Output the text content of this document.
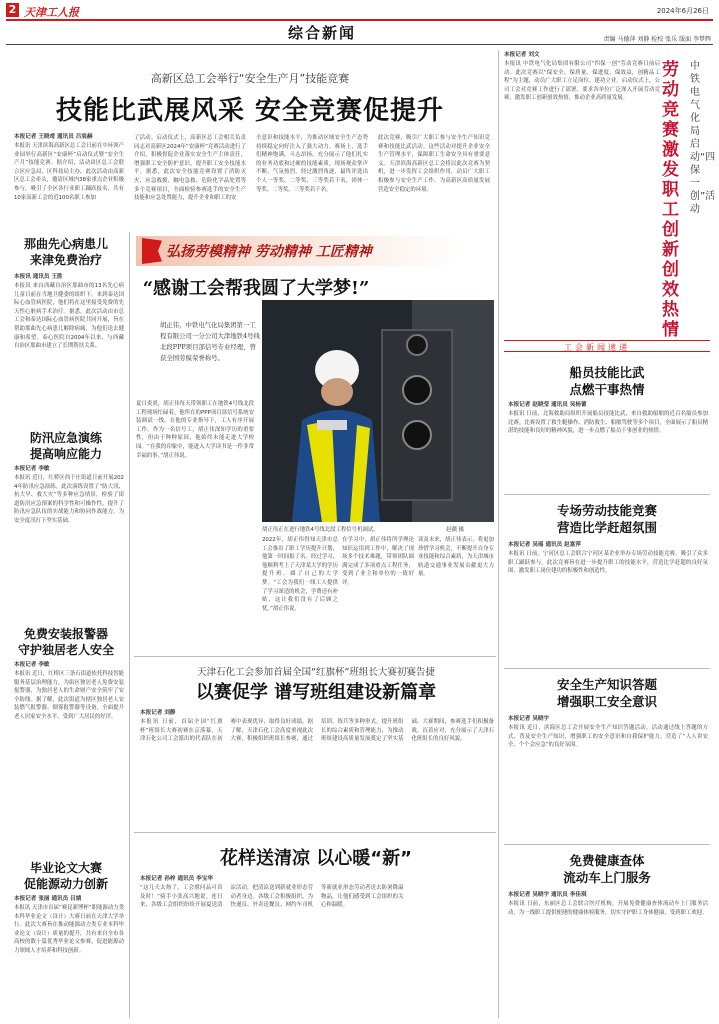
2 天津工人报	2024年6月26日
综合新闻	责编 马德萍 刘静 检校 张乐 版面 李梦辉
高新区总工会举行“安全生产月”技能竞赛
技能比武展风采 安全竞赛促提升
本报记者 王晓鸢 通讯员 吕宸赫
本报讯 天津滨海高新区总工会日前在中环领产业园举行高新区“安康杯”启动仪式暨“安全生产月”技能竞赛。据介绍，活动由区总工会联合区应急局、区科技局主办，此次活动由高新区总工会牵头，邀请区域内38家重点企业积极参与，吸引了全区各行业职工踊跃报名，共有10家高新工会的近100名职工参加
了活动。启动仪式上，高新区总工会相关负责同志对高新区2024年“安康杯”竞赛活动进行了介绍，积极督促企业落实安全生产主体责任，增强职工安全防护意识，提升职工安全技能水平。据悉，此次安全技能竞赛设置了消防灭火、应急救援、触电急救、危险化学品处置等多个竞赛项目，全面检验参赛选手的安全生产技能和应急处置能力，提升企业和职工的安
全意识和技能水平，为推动区域安全生产态势持续稳定向好注入了强大动力。赛场上，选手们精神饱满、斗志昂扬，充分展示了他们扎实的业务功底和过硬的技能素质。现场观众掌声不断，气氛热烈。经过激烈角逐，最终评选出个人一等奖、二等奖、三等奖若干名，团体一等奖、二等奖、三等奖若干名。
此次竞赛，吸引广大职工参与安全生产知识竞赛和技能比武活动。这些活动对提升企业安全生产管理水平，保障职工生命安全具有重要意义。天津滨海高新区总工会将以此次竞赛为契机，进一步发挥工会组织作用，动员广大职工积极参与安全生产工作，为高新区高质量发展营造安全稳定的环境。
那曲先心病患儿
来津免费治疗
本报讯 通讯员 王胜
本报讯 来自西藏自治区那曲市的13名先心病儿童日前在当地卫健委的组织下，来到泰达国际心血管病医院，他们将在这里接受免费的先天性心脏病手术治疗。据悉，此次活动由市总工会和泰达国际心血管病医院共同开展，旨在帮助那曲先心病患儿解除病痛，为他们送去健康和希望。泰心医院自2004年以来，与西藏自治区那曲市建立了长期帮扶关系。
防汛应急演练
提高响应能力
本报记者 李敏
本报讯 近日，红桥区西于庄街道日前开展2024年防汛应急演练。此次演练设置了“防大汛、抗大旱、救大灾”等多种应急情景，检验了街道防汛应急预案的科学性和可操作性，提升了防汛应急队伍的实战能力和协同作战能力，为安全度汛打下坚实基础。
免费安装报警器
守护独居老人安全
本报记者 李敏
本报讯 近日，红桥区三条石街道依托科技智能服务基层治理能力，为街区独居老人免费安装报警器，为独居老人的生命财产安全筑牢了安全防线。据了解，此次街道为辖区独居老人安装燃气报警器、烟雾报警器等设备，全面提升老人居家安全水平，受到广大居民的好评。
毕业论文大赛
促能源动力创新
本报记者 张丽 通讯员 吕婧
本报讯 天津市首届“赛昆新博杯”职能源动力类本科毕业论文（设计）大赛日前在天津大学举行。此次大赛旨在推动能源动力类专业本科毕业论文（设计）质量的提升，共有来自全市各高校的数十篇优秀毕业论文参赛，促进能源动力领域人才培养和科技创新。
弘扬劳模精神 劳动精神 工匠精神
“感谢工会帮我圆了大学梦!”
胡正伟，中铁电气化局集团第一工程有限公司一分公司大津地铁4号线北段PPP项目部信号专业经理，曾获全国劳模荣誉称号。
夏日炎炎，胡正伟每天带领职工在地铁4号线北段工程现场忙碌着。他所在的PPP项目部信号系统安装调试一线，在他的专业指导下，工人有序开展工作。作为一名信号工，胡正伟深知学历的重要性，但由于种种原因，他始终未能走进大学校园。“在我的印象中，能进入大学读书是一件非常幸福的事。”胡正伟说。
胡正伟正在进行地铁4号线北段工程信号机调试。	赵疆 摄
2022年，胡正伟得知天津市总工会推出了职工学历提升计划，他第一时间报了名。经过学习，他顺利考上了天津某大学的学历提升班，圆了自己的大学梦。“工会为我们一线工人提供了学习深造的机会，学费还有补贴，这让我们没有了后顾之忧。”胡正伟说。
在学习中，胡正伟将所学理论知识运用到工作中，解决了现场多个技术难题，带领团队圆满完成了多项重点工程任务，受到了业主和单位的一致好评。
谈及未来，胡正伟表示，将更加珍惜学习机会，不断提升自身专业技能和综合素质，为天津城市轨道交通事业发展贡献更大力量。
天津石化工会参加首届全国“红旗杯”班组长大赛初赛告捷
以赛促学 谱写班组建设新篇章
本报记者 刘静
本报讯 日前，首届全国“红旗杯”班组长大赛初赛在京落幕。天津石化公司工会派出的代表队在初赛中表现优异，取得良好成绩。据了解，天津石化工会高度重视此次大赛，积极组织班组长参赛，通过培训、练兵等多种形式，提升班组长的综合素质和管理能力，为推动班组建设高质量发展奠定了坚实基础。大赛期间，参赛选手们积极备战、沉着应对，充分展示了天津石化班组长的良好风貌。
花样送清凉 以心暖“新”
本报记者 孙梓 通讯员 李宝华
“这几天太热了，工会慰问品可真及时！”骑手小张高兴地说。连日来，各级工会组织纷纷开展夏送清凉活动，把清凉送到新就业形态劳动者身边。各级工会积极组织，为快递员、外卖送餐员、网约车司机等新就业形态劳动者送去防暑降温物品，让他们感受到工会组织的关心和温暖。
本报记者 刘文
本报讯 中铁电气化局集团有限公司“四保一创”劳动竞赛日前启动。此次竞赛以“保安全、保质量、保进度、保效益，创精品工程”为主题，动员广大职工立足岗位、建功立业。启动仪式上，公司工会对竞赛工作进行了部署，要求各单位广泛深入开展劳动竞赛，激发职工创新创效热情，推动企业高质量发展。
劳动竞赛激发职工创新创效热情
中铁电气化局启动“四保一创”活动
工会新闻速递
船员技能比武
点燃干事热情
本报记者 赵晓莹 通讯员 吴杨蕾
本报讯 日前，北海救助局组织开展船员技能比武，来自救助船舶的近百名船员参加比赛。比赛设置了救生艇操作、消防救生、船舶驾驶等多个项目，全面展示了船员精湛的技能和良好的精神风貌，进一步点燃了船员干事创业的热情。
专场劳动技能竞赛
营造比学赶超氛围
本报记者 吴瑶 通讯员 赵富萍
本报讯 日前，宁河区总工会联合宁河区某企业举办专场劳动技能竞赛，吸引了众多职工踊跃参与。此次竞赛旨在进一步提升职工的技能水平，营造比学赶超的良好氛围，激发职工岗位建功的积极性和创造性。
安全生产知识答题
增强职工安全意识
本报记者 吴晓宇
本报讯 近日，滨海区总工会开展安全生产知识答题活动。活动通过线上答题的方式，普及安全生产知识，增强职工的安全意识和自我保护能力，营造了“人人讲安全、个个会应急”的良好氛围。
免费健康查体
流动车上门服务
本报记者 吴晓宇 通讯员 李佳琪
本报讯 日前，东丽区总工会联合医疗机构，开展免费健康查体流动车上门服务活动，为一线职工提供便捷的健康体检服务，切实守护职工身体健康，受到职工欢迎。
